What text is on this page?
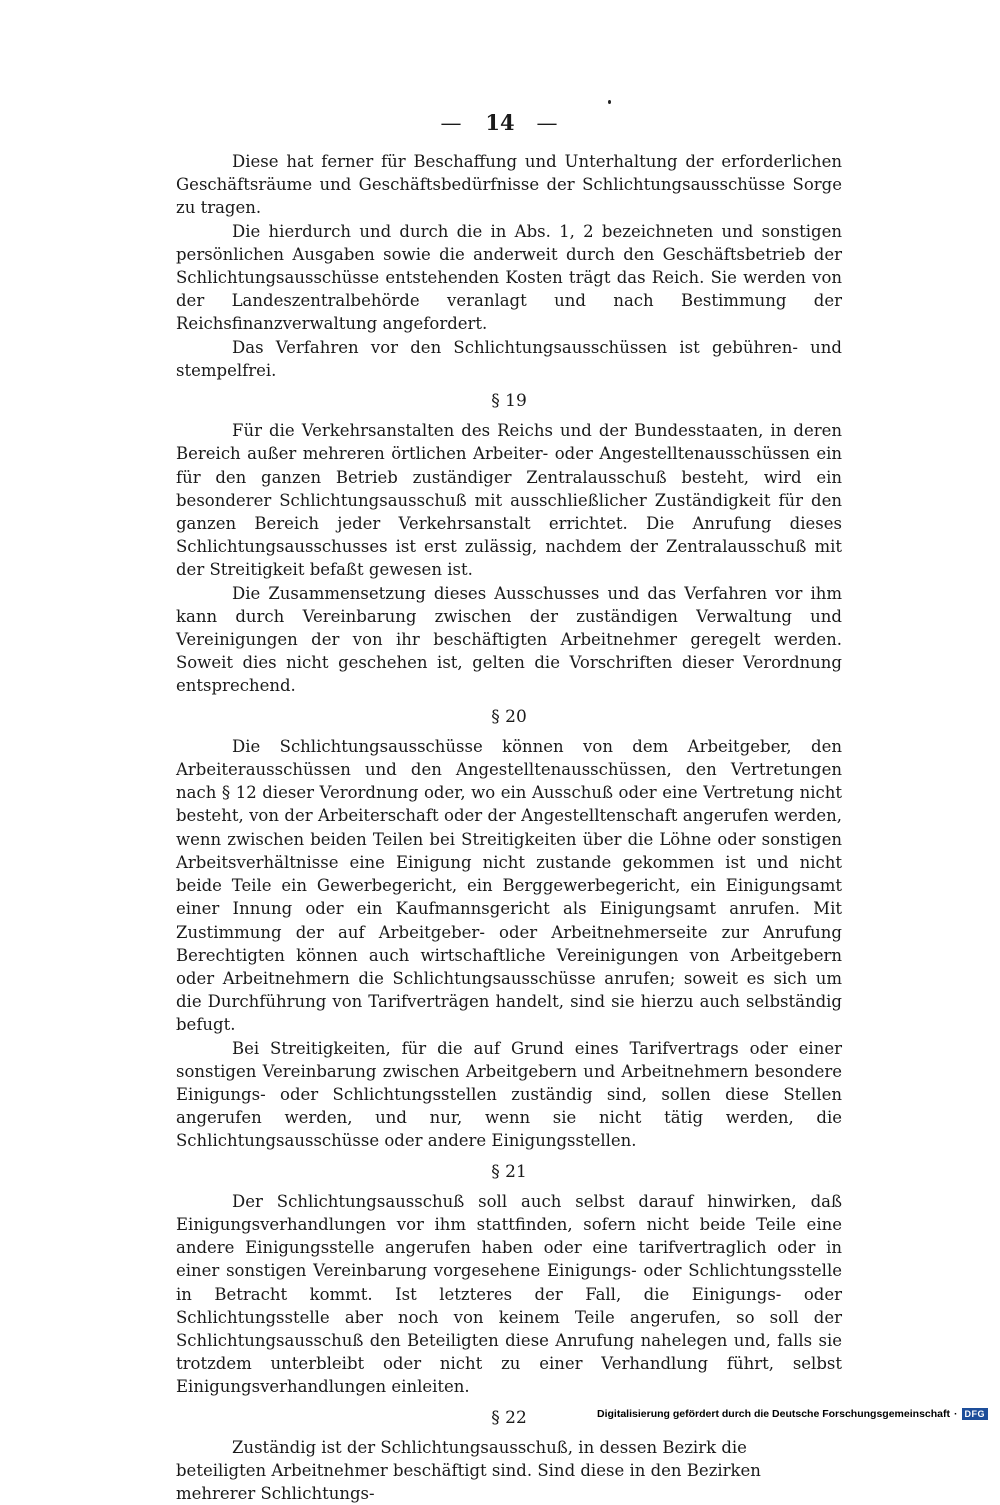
— 14 —

Diese hat ferner für Beschaffung und Unterhaltung der erforderlichen Geschäftsräume und Geschäftsbedürfnisse der Schlichtungsausschüsse Sorge zu tragen.

Die hierdurch und durch die in Abs. 1, 2 bezeichneten und sonstigen persönlichen Ausgaben sowie die anderweit durch den Geschäftsbetrieb der Schlichtungsausschüsse entstehenden Kosten trägt das Reich. Sie werden von der Landeszentralbehörde veranlagt und nach Bestimmung der Reichsfinanzverwaltung angefordert.

Das Verfahren vor den Schlichtungsausschüssen ist gebühren- und stempelfrei.

§ 19

Für die Verkehrsanstalten des Reichs und der Bundesstaaten, in deren Bereich außer mehreren örtlichen Arbeiter- oder Angestelltenausschüssen ein für den ganzen Betrieb zuständiger Zentralausschuß besteht, wird ein besonderer Schlichtungsausschuß mit ausschließlicher Zuständigkeit für den ganzen Bereich jeder Verkehrsanstalt errichtet. Die Anrufung dieses Schlichtungsausschusses ist erst zulässig, nachdem der Zentralausschuß mit der Streitigkeit befaßt gewesen ist.

Die Zusammensetzung dieses Ausschusses und das Verfahren vor ihm kann durch Vereinbarung zwischen der zuständigen Verwaltung und Vereinigungen der von ihr beschäftigten Arbeitnehmer geregelt werden. Soweit dies nicht geschehen ist, gelten die Vorschriften dieser Verordnung entsprechend.

§ 20

Die Schlichtungsausschüsse können von dem Arbeitgeber, den Arbeiterausschüssen und den Angestelltenausschüssen, den Vertretungen nach § 12 dieser Verordnung oder, wo ein Ausschuß oder eine Vertretung nicht besteht, von der Arbeiterschaft oder der Angestelltenschaft angerufen werden, wenn zwischen beiden Teilen bei Streitigkeiten über die Löhne oder sonstigen Arbeitsverhältnisse eine Einigung nicht zustande gekommen ist und nicht beide Teile ein Gewerbegericht, ein Berggewerbegericht, ein Einigungsamt einer Innung oder ein Kaufmannsgericht als Einigungsamt anrufen. Mit Zustimmung der auf Arbeitgeber- oder Arbeitnehmerseite zur Anrufung Berechtigten können auch wirtschaftliche Vereinigungen von Arbeitgebern oder Arbeitnehmern die Schlichtungsausschüsse anrufen; soweit es sich um die Durchführung von Tarifverträgen handelt, sind sie hierzu auch selbständig befugt.

Bei Streitigkeiten, für die auf Grund eines Tarifvertrags oder einer sonstigen Vereinbarung zwischen Arbeitgebern und Arbeitnehmern besondere Einigungs- oder Schlichtungsstellen zuständig sind, sollen diese Stellen angerufen werden, und nur, wenn sie nicht tätig werden, die Schlichtungsausschüsse oder andere Einigungsstellen.

§ 21

Der Schlichtungsausschuß soll auch selbst darauf hinwirken, daß Einigungsverhandlungen vor ihm stattfinden, sofern nicht beide Teile eine andere Einigungsstelle angerufen haben oder eine tarifvertraglich oder in einer sonstigen Vereinbarung vorgesehene Einigungs- oder Schlichtungsstelle in Betracht kommt. Ist letzteres der Fall, die Einigungs- oder Schlichtungsstelle aber noch von keinem Teile angerufen, so soll der Schlichtungsausschuß den Beteiligten diese Anrufung nahelegen und, falls sie trotzdem unterbleibt oder nicht zu einer Verhandlung führt, selbst Einigungsverhandlungen einleiten.

§ 22

Zuständig ist der Schlichtungsausschuß, in dessen Bezirk die beteiligten Arbeitnehmer beschäftigt sind. Sind diese in den Bezirken mehrerer Schlichtungs-

Digitalisierung gefördert durch die Deutsche Forschungsgemeinschaft · DFG
